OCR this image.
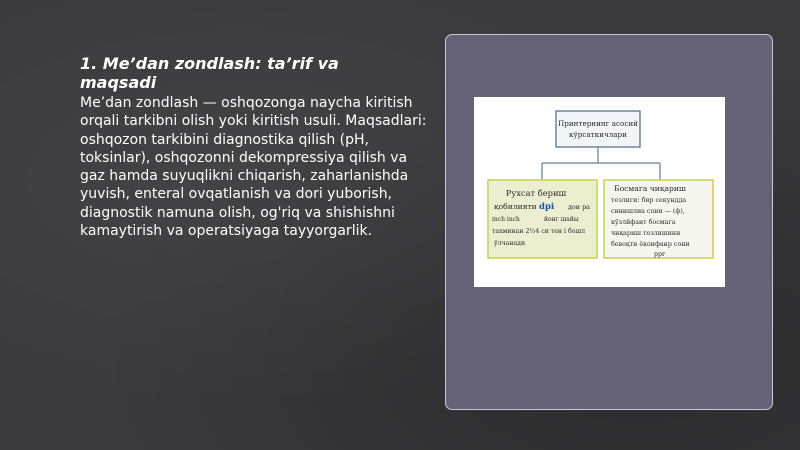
1. Me’dan zondlash: ta’rif va maqsadi

Me’dan zondlash — oshqozonga naycha kiritish orqali tarkibni olish yoki kiritish usuli. Maqsadlari: oshqozon tarkibini diagnostika qilish (pH, toksinlar), oshqozonni dekompressiya qilish va gaz hamda suyuqlikni chiqarish, zaharlanishda yuvish, enteral ovqatlanish va dori yuborish, diagnostik namuna olish, og'riq va shishishni kamaytirish va operatsiyaga tayyorgarlik.

Принтернинг асосий
кўрсаткичлари
Рухсат бериш
қобилияти dpi дои ра
inch inch	йонг шайы
тахминан 2½4 си тен і бошл
ўлчанади
Босмага чиқариш
тезлиги: бир секундда
синишлиа сони — (ф),
кўзлйфант босмага
чиқариш тезлишини
бевоқти ёкоифанр сони
ppr
